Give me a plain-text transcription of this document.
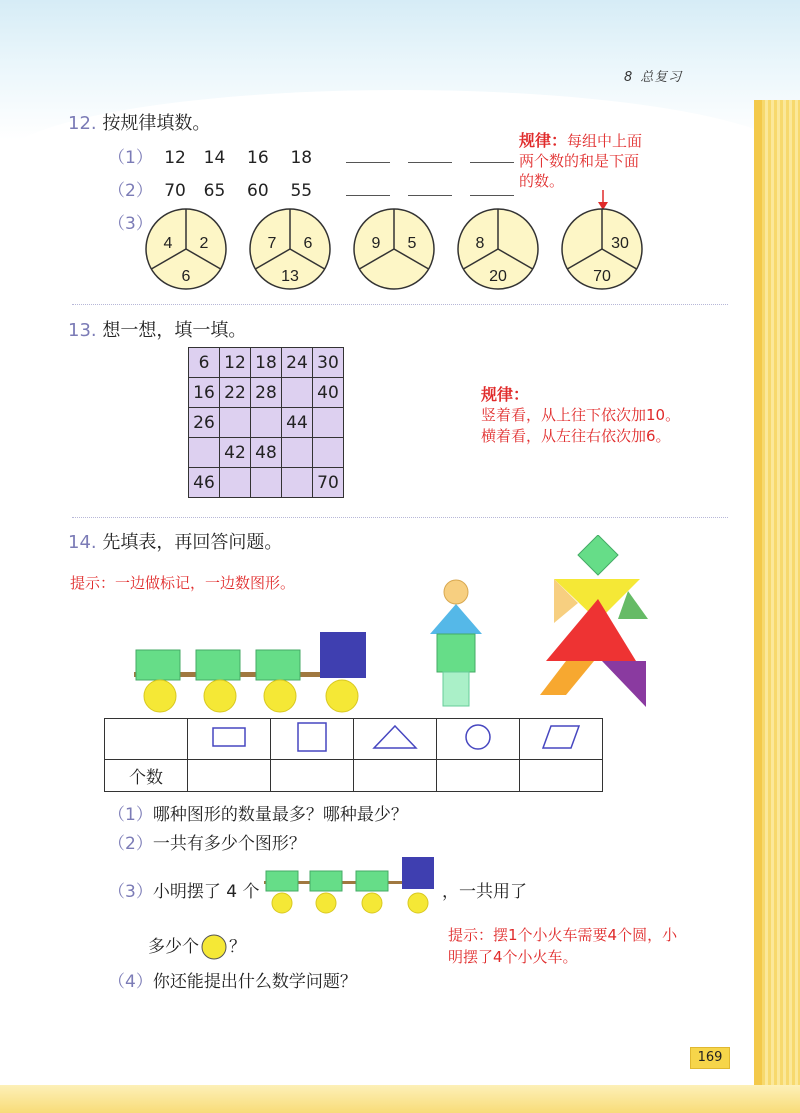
8 总复习
12. 按规律填数。
（1） 12 14 16 18
（2） 70 65 60 55
（3）
规律：每组中上面
两个数的和是下面
的数。
4 2
6
7 6
13
9 5	8
20
30
70
13. 想一想，填一填。
6	12	18	24	30
16	22	28		40
26			44	
	42	48		
46				70
规律：
竖着看，从上往下依次加10。
横着看，从左往右依次加6。
14. 先填表，再回答问题。
提示：一边做标记，一边数图形。

个数					
（1）哪种图形的数量最多？哪种最少？
（2）一共有多少个图形？
（3）小明摆了 4 个	，一共用了
多少个 ？
提示：摆1个小火车需要4个圆，小
明摆了4个小火车。
（4）你还能提出什么数学问题？
169
